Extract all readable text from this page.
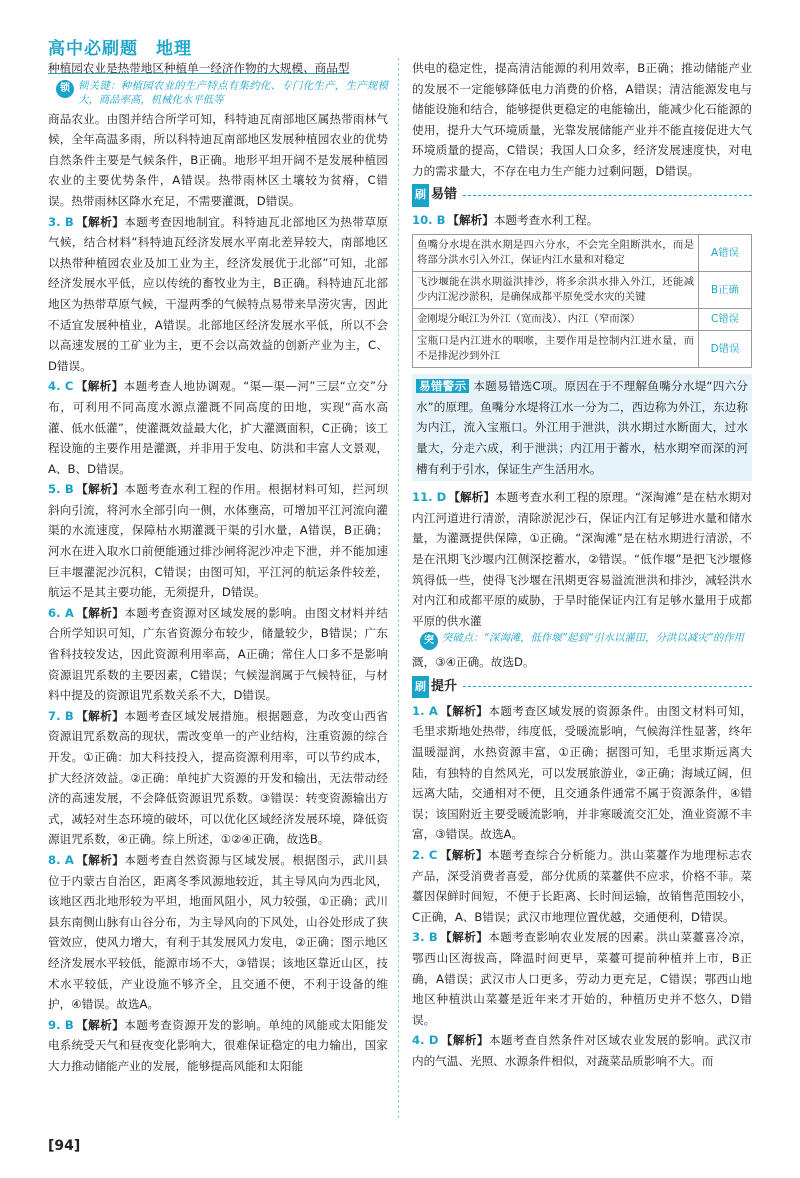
高中必刷题　地理

种植园农业是热带地区种植单一经济作物的大规模、商品型

锁 锁关键：种植园农业的生产特点有集约化、专门化生产，生产规模大，商品率高，机械化水平低等

商品农业。由图并结合所学可知，科特迪瓦南部地区属热带雨林气候，全年高温多雨，所以科特迪瓦南部地区发展种植园农业的优势自然条件主要是气候条件，B正确。地形平坦开阔不是发展种植园农业的主要优势条件，A错误。热带雨林区土壤较为贫瘠，C错误。热带雨林区降水充足，不需要灌溉，D错误。

3. B 【解析】本题考查因地制宜。科特迪瓦北部地区为热带草原气候，结合材料“科特迪瓦经济发展水平南北差异较大，南部地区以热带种植园农业及加工业为主，经济发展优于北部”可知，北部经济发展水平低，应以传统的畜牧业为主，B正确。科特迪瓦北部地区为热带草原气候，干湿两季的气候特点易带来旱涝灾害，因此不适宜发展种植业，A错误。北部地区经济发展水平低，所以不会以高速发展的工矿业为主，更不会以高效益的创新产业为主，C、D错误。

4. C 【解析】本题考查人地协调观。“渠—渠—河”三层“立交”分布，可利用不同高度水源点灌溉不同高度的田地，实现“高水高灌、低水低灌”，使灌溉效益最大化，扩大灌溉面积，C正确；该工程设施的主要作用是灌溉，并非用于发电、防洪和丰富人文景观，A、B、D错误。

5. B 【解析】本题考查水利工程的作用。根据材料可知，拦河坝斜向引流，将河水全部引向一侧，水体壅高，可增加平江河流向灌渠的水流速度，保障枯水期灌溉干渠的引水量，A错误，B正确；河水在进入取水口前便能通过排沙闸将泥沙冲走下泄，并不能加速巨丰堰灌泥沙沉积，C错误；由图可知，平江河的航运条件较差，航运不是其主要功能，无须提升，D错误。

6. A 【解析】本题考查资源对区域发展的影响。由图文材料并结合所学知识可知，广东省资源分布较少，储量较少，B错误；广东省科技较发达，因此资源利用率高，A正确；常住人口多不是影响资源诅咒系数的主要因素，C错误；气候湿润属于气候特征，与材料中提及的资源诅咒系数关系不大，D错误。

7. B 【解析】本题考查区域发展措施。根据题意，为改变山西省资源诅咒系数高的现状，需改变单一的产业结构，注重资源的综合开发。①正确：加大科技投入，提高资源利用率，可以节约成本，扩大经济效益。②正确：单纯扩大资源的开发和输出，无法带动经济的高速发展，不会降低资源诅咒系数。③错误：转变资源输出方式，减轻对生态环境的破坏，可以优化区域经济发展环境，降低资源诅咒系数，④正确。综上所述，①②④正确，故选B。

8. A 【解析】本题考查自然资源与区域发展。根据图示，武川县位于内蒙古自治区，距离冬季风源地较近，其主导风向为西北风，该地区西北地形较为平坦，地面风阻小，风力较强，①正确；武川县东南侧山脉有山谷分布，为主导风向的下风处，山谷处形成了狭管效应，使风力增大，有利于其发展风力发电，②正确；图示地区经济发展水平较低，能源市场不大，③错误；该地区靠近山区，技术水平较低，产业设施不够齐全，且交通不便，不利于设备的维护，④错误。故选A。

9. B 【解析】本题考查资源开发的影响。单纯的风能或太阳能发电系统受天气和昼夜变化影响大，很难保证稳定的电力输出，国家大力推动储能产业的发展，能够提高风能和太阳能

供电的稳定性，提高清洁能源的利用效率，B正确；推动储能产业的发展不一定能够降低电力消费的价格，A错误；清洁能源发电与储能设施和结合，能够提供更稳定的电能输出，能减少化石能源的使用，提升大气环境质量，光靠发展储能产业并不能直接促进大气环境质量的提高，C错误；我国人口众多，经济发展速度快，对电力的需求量大，不存在电力生产能力过剩问题，D错误。

刷 易错

10. B 【解析】本题考查水利工程。

鱼嘴分水堤在洪水期是四六分水，不会完全阻断洪水，而是将部分洪水引入外江，保证内江水量和对稳定	A错误
飞沙堰能在洪水期溢洪排沙，将多余洪水排入外江，还能减少内江泥沙淤积，是确保成都平原免受水灾的关键	B正确
金刚堤分岷江为外江（宽而浅）、内江（窄而深）	C错误
宝瓶口是内江进水的咽喉，主要作用是控制内江进水量，而不是排泥沙到外江	D错误

易错警示 本题易错选C项。原因在于不理解鱼嘴分水堤“四六分水”的原理。鱼嘴分水堤将江水一分为二，西边称为外江，东边称为内江，流入宝瓶口。外江用于泄洪，洪水期过水断面大，过水量大，分走六成，利于泄洪；内江用于蓄水，枯水期窄而深的河槽有利于引水，保证生产生活用水。

11. D 【解析】本题考查水利工程的原理。“深淘滩”是在枯水期对内江河道进行清淤，清除淤泥沙石，保证内江有足够进水量和储水量，为灌溉提供保障，①正确。“深淘滩”是在枯水期进行清淤，不是在汛期飞沙堰内江侧深挖蓄水，②错误。“低作堰”是把飞沙堰修筑得低一些，使得飞沙堰在汛期更容易溢流泄洪和排沙，减轻洪水对内江和成都平原的威胁，于旱时能保证内江有足够水量用于成都平原的供水灌

突 突破点：“深淘滩，低作堰”起到“引水以灌田，分洪以减灾”的作用

溉，③④正确。故选D。

刷 提升

1. A 【解析】本题考查区域发展的资源条件。由图文材料可知，毛里求斯地处热带，纬度低，受暖流影响，气候海洋性显著，终年温暖湿润，水热资源丰富，①正确；据图可知，毛里求斯远离大陆，有独特的自然风光，可以发展旅游业，②正确；海域辽阔，但远离大陆，交通相对不便，且交通条件通常不属于资源条件，④错误；该国附近主要受暖流影响，并非寒暖流交汇处，渔业资源不丰富，③错误。故选A。

2. C 【解析】本题考查综合分析能力。洪山菜薹作为地理标志农产品，深受消费者喜爱，部分优质的菜薹供不应求，价格不菲。菜薹因保鲜时间短，不便于长距离、长时间运输，故销售范围较小，C正确，A、B错误；武汉市地理位置优越，交通便利，D错误。

3. B 【解析】本题考查影响农业发展的因素。洪山菜薹喜冷凉，鄂西山区海拔高，降温时间更早，菜薹可提前种植并上市，B正确，A错误；武汉市人口更多，劳动力更充足，C错误；鄂西山地地区种植洪山菜薹是近年来才开始的，种植历史并不悠久，D错误。

4. D 【解析】本题考查自然条件对区域农业发展的影响。武汉市内的气温、光照、水源条件相似，对蔬菜品质影响不大。而

[94]
